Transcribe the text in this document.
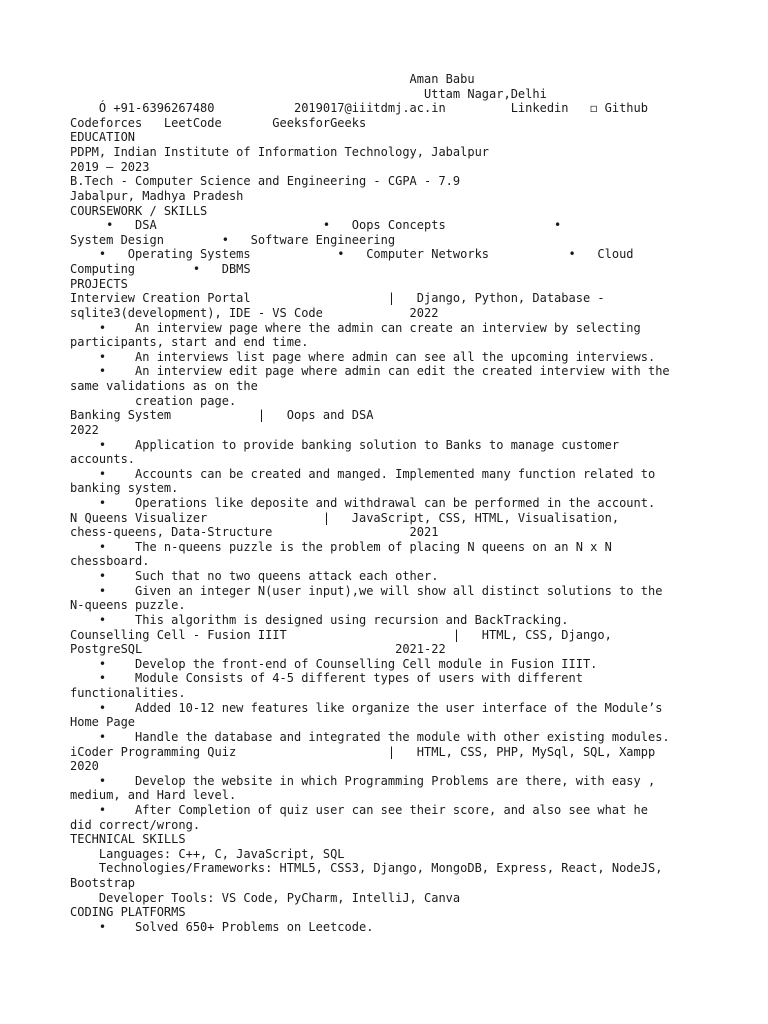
Aman Babu
Uttam Nagar,Delhi
Ó +91-6396267480           2019017@iiitdmj.ac.in         Linkedin   ◻ Github
Codeforces   LeetCode       GeeksforGeeks
EDUCATION
PDPM, Indian Institute of Information Technology, Jabalpur
2019 – 2023
B.Tech - Computer Science and Engineering - CGPA - 7.9
Jabalpur, Madhya Pradesh
COURSEWORK / SKILLS
•   DSA                       •   Oops Concepts               •
System Design        •   Software Engineering
•   Operating Systems            •   Computer Networks           •   Cloud
Computing        •   DBMS
PROJECTS
Interview Creation Portal                   |   Django, Python, Database -
sqlite3(development), IDE - VS Code            2022
•    An interview page where the admin can create an interview by selecting
participants, start and end time.
•    An interviews list page where admin can see all the upcoming interviews.
•    An interview edit page where admin can edit the created interview with the
same validations as on the
creation page.
Banking System            |   Oops and DSA
2022
•    Application to provide banking solution to Banks to manage customer
accounts.
•    Accounts can be created and manged. Implemented many function related to
banking system.
•    Operations like deposite and withdrawal can be performed in the account.
N Queens Visualizer                |   JavaScript, CSS, HTML, Visualisation,
chess-queens, Data-Structure                   2021
•    The n-queens puzzle is the problem of placing N queens on an N x N
chessboard.
•    Such that no two queens attack each other.
•    Given an integer N(user input),we will show all distinct solutions to the
N-queens puzzle.
•    This algorithm is designed using recursion and BackTracking.
Counselling Cell - Fusion IIIT                       |   HTML, CSS, Django,
PostgreSQL                                   2021-22
•    Develop the front-end of Counselling Cell module in Fusion IIIT.
•    Module Consists of 4-5 different types of users with different
functionalities.
•    Added 10-12 new features like organize the user interface of the Module’s
Home Page
•    Handle the database and integrated the module with other existing modules.
iCoder Programming Quiz                     |   HTML, CSS, PHP, MySql, SQL, Xampp
2020
•    Develop the website in which Programming Problems are there, with easy ,
medium, and Hard level.
•    After Completion of quiz user can see their score, and also see what he
did correct/wrong.
TECHNICAL SKILLS
Languages: C++, C, JavaScript, SQL
Technologies/Frameworks: HTML5, CSS3, Django, MongoDB, Express, React, NodeJS,
Bootstrap
Developer Tools: VS Code, PyCharm, IntelliJ, Canva
CODING PLATFORMS
•    Solved 650+ Problems on Leetcode.
